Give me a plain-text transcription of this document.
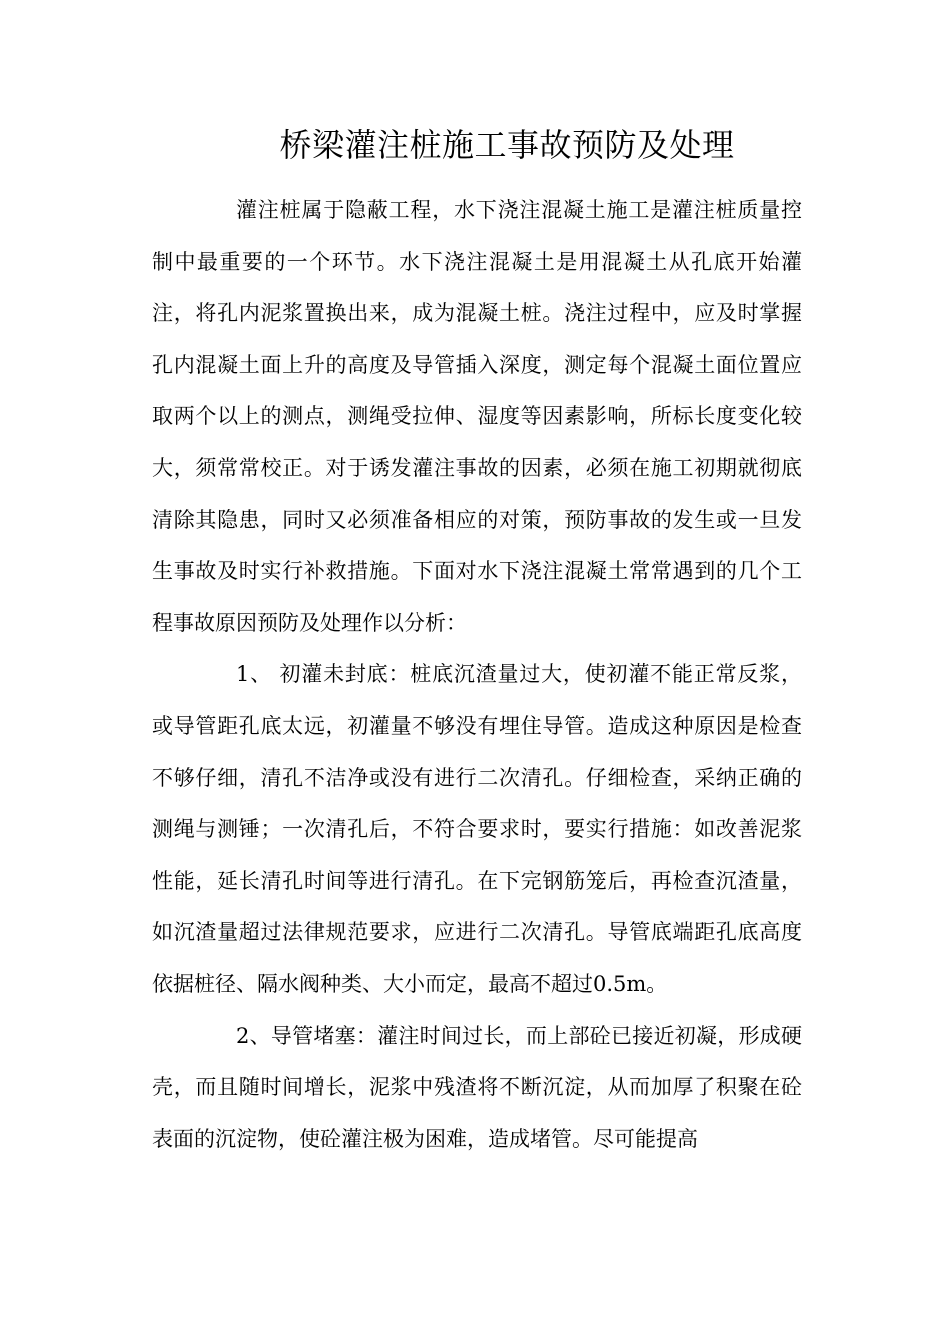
桥梁灌注桩施工事故预防及处理

灌注桩属于隐蔽工程，水下浇注混凝土施工是灌注桩质量控制中最重要的一个环节。水下浇注混凝土是用混凝土从孔底开始灌注，将孔内泥浆置换出来，成为混凝土桩。浇注过程中，应及时掌握孔内混凝土面上升的高度及导管插入深度，测定每个混凝土面位置应取两个以上的测点，测绳受拉伸、湿度等因素影响，所标长度变化较大，须常常校正。对于诱发灌注事故的因素，必须在施工初期就彻底清除其隐患，同时又必须准备相应的对策，预防事故的发生或一旦发生事故及时实行补救措施。下面对水下浇注混凝土常常遇到的几个工程事故原因预防及处理作以分析：

1、 初灌未封底：桩底沉渣量过大，使初灌不能正常反浆，或导管距孔底太远，初灌量不够没有埋住导管。造成这种原因是检查不够仔细，清孔不洁净或没有进行二次清孔。仔细检查，采纳正确的测绳与测锤；一次清孔后，不符合要求时，要实行措施：如改善泥浆性能，延长清孔时间等进行清孔。在下完钢筋笼后，再检查沉渣量，如沉渣量超过法律规范要求，应进行二次清孔。导管底端距孔底高度依据桩径、隔水阀种类、大小而定，最高不超过0.5m。

2、导管堵塞：灌注时间过长，而上部砼已接近初凝，形成硬壳，而且随时间增长，泥浆中残渣将不断沉淀，从而加厚了积聚在砼表面的沉淀物，使砼灌注极为困难，造成堵管。尽可能提高
